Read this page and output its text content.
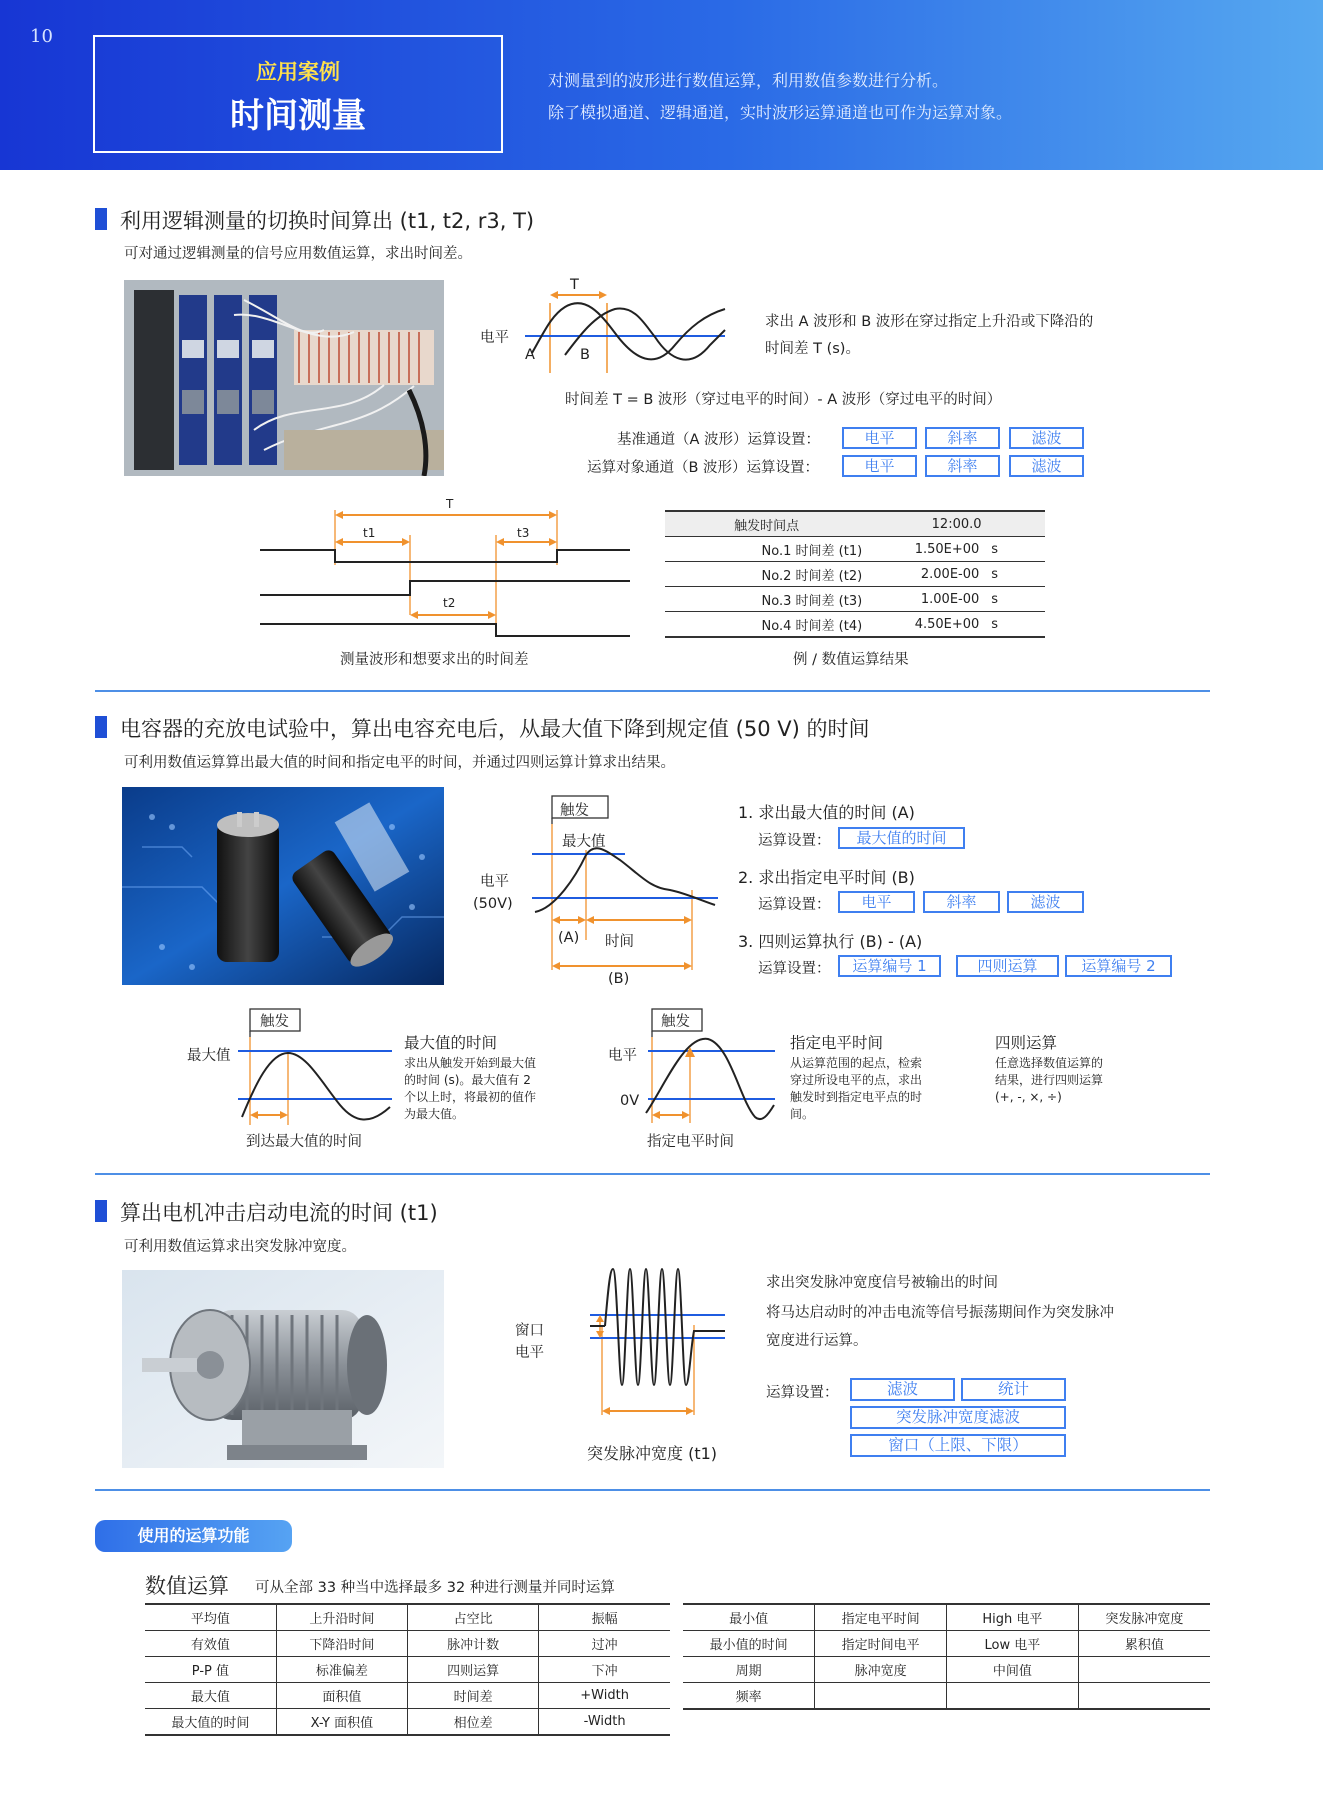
10
应用案例
时间测量
对测量到的波形进行数值运算，利用数值参数进行分析。
除了模拟通道、逻辑通道，实时波形运算通道也可作为运算对象。
利用逻辑测量的切换时间算出 (t1, t2, r3, T)
可对通过逻辑测量的信号应用数值运算，求出时间差。
T
电平
A	B
求出 A 波形和 B 波形在穿过指定上升沿或下降沿的
时间差 T (s)。
时间差 T = B 波形（穿过电平的时间）- A 波形（穿过电平的时间）
基准通道（A 波形）运算设置：	电平	斜率	滤波
运算对象通道（B 波形）运算设置：	电平	斜率	滤波
T
t1	t3
t2
测量波形和想要求出的时间差
触发时间点	12:00.0	
No.1 时间差 (t1)	1.50E+00	s
No.2 时间差 (t2)	2.00E-00	s
No.3 时间差 (t3)	1.00E-00	s
No.4 时间差 (t4)	4.50E+00	s
例 / 数值运算结果
电容器的充放电试验中，算出电容充电后，从最大值下降到规定值 (50 V) 的时间
可利用数值运算算出最大值的时间和指定电平的时间，并通过四则运算计算求出结果。
触发
最大值
电平
(50V)
(A) 时间
(B)
1. 求出最大值的时间 (A)
运算设置：	最大值的时间
2. 求出指定电平时间 (B)
运算设置：	电平	斜率	滤波
3. 四则运算执行 (B) - (A)
运算设置：	运算编号 1	四则运算	运算编号 2
触发
最大值
到达最大值的时间
最大值的时间
求出从触发开始到最大值
的时间 (s)。最大值有 2
个以上时，将最初的值作
为最大值。
触发
电平
0V
指定电平时间
指定电平时间
从运算范围的起点，检索
穿过所设电平的点，求出
触发时到指定电平点的时
间。
四则运算
任意选择数值运算的
结果，进行四则运算
(+, -, ×, ÷)
算出电机冲击启动电流的时间 (t1)
可利用数值运算求出突发脉冲宽度。
窗口
电平
突发脉冲宽度 (t1)
求出突发脉冲宽度信号被输出的时间
将马达启动时的冲击电流等信号振荡期间作为突发脉冲
宽度进行运算。
运算设置：	滤波	统计
突发脉冲宽度滤波
窗口（上限、下限）
使用的运算功能
数值运算 可从全部 33 种当中选择最多 32 种进行测量并同时运算
平均值	上升沿时间	占空比	振幅
有效值	下降沿时间	脉冲计数	过冲
P-P 值	标准偏差	四则运算	下冲
最大值	面积值	时间差	+Width
最大值的时间	X-Y 面积值	相位差	-Width
最小值	指定电平时间	High 电平	突发脉冲宽度
最小值的时间	指定时间电平	Low 电平	累积值
周期	脉冲宽度	中间值	
频率			
